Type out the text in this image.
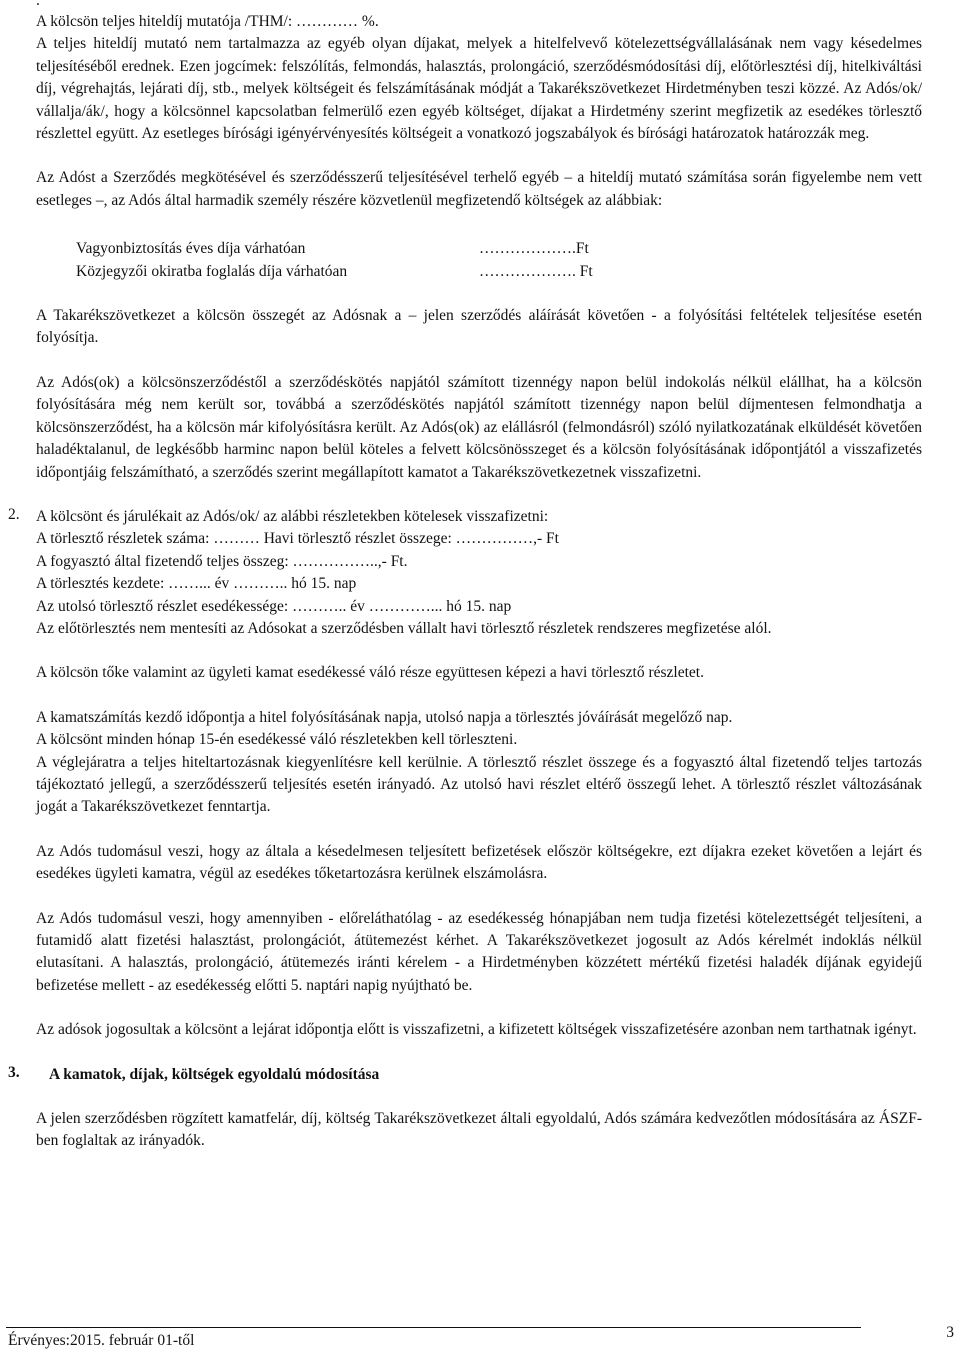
.

A kölcsön teljes hiteldíj mutatója /THM/: ………… %.

A teljes hiteldíj mutató nem tartalmazza az egyéb olyan díjakat, melyek a hitelfelvevő kötelezettségvállalásának nem vagy késedelmes teljesítéséből erednek. Ezen jogcímek: felszólítás, felmondás, halasztás, prolongáció, szerződésmódosítási díj, előtörlesztési díj, hitelkiváltási díj, végrehajtás, lejárati díj, stb., melyek költségeit és felszámításának módját a Takarékszövetkezet Hirdetményben teszi közzé. Az Adós/ok/ vállalja/ák/, hogy a kölcsönnel kapcsolatban felmerülő ezen egyéb költséget, díjakat a Hirdetmény szerint megfizetik az esedékes törlesztő részlettel együtt. Az esetleges bírósági igényérvényesítés költségeit a vonatkozó jogszabályok és bírósági határozatok határozzák meg.

Az Adóst a Szerződés megkötésével és szerződésszerű teljesítésével terhelő egyéb – a hiteldíj mutató számítása során figyelembe nem vett esetleges –, az Adós által harmadik személy részére közvetlenül megfizetendő költségek az alábbiak:

Vagyonbiztosítás éves díja várhatóan	……………….Ft
Közjegyzői okiratba foglalás díja várhatóan	………………. Ft

A Takarékszövetkezet a kölcsön összegét az Adósnak a – jelen szerződés aláírását követően - a folyósítási feltételek teljesítése esetén folyósítja.

Az Adós(ok) a kölcsönszerződéstől a szerződéskötés napjától számított tizennégy napon belül indokolás nélkül elállhat, ha a kölcsön folyósítására még nem került sor, továbbá a szerződéskötés napjától számított tizennégy napon belül díjmentesen felmondhatja a kölcsönszerződést, ha a kölcsön már kifolyósításra került. Az Adós(ok) az elállásról (felmondásról) szóló nyilatkozatának elküldését követően haladéktalanul, de legkésőbb harminc napon belül köteles a felvett kölcsönösszeget és a kölcsön folyósításának időpontjától a visszafizetés időpontjáig felszámítható, a szerződés szerint megállapított kamatot a Takarékszövetkezetnek visszafizetni.

2. A kölcsönt és járulékait az Adós/ok/ az alábbi részletekben kötelesek visszafizetni:

A törlesztő részletek száma: ……… Havi törlesztő részlet összege: ……………,- Ft

A fogyasztó által fizetendő teljes összeg: ……………..,- Ft.

A törlesztés kezdete: ……... év ……….. hó 15. nap

Az utolsó törlesztő részlet esedékessége: ……….. év …………... hó 15. nap

Az előtörlesztés nem mentesíti az Adósokat a szerződésben vállalt havi törlesztő részletek rendszeres megfizetése alól.

A kölcsön tőke valamint az ügyleti kamat esedékessé váló része együttesen képezi a havi törlesztő részletet.

A kamatszámítás kezdő időpontja a hitel folyósításának napja, utolsó napja a törlesztés jóváírását megelőző nap.

A kölcsönt minden hónap 15-én esedékessé váló részletekben kell törleszteni.

A véglejáratra a teljes hiteltartozásnak kiegyenlítésre kell kerülnie. A törlesztő részlet összege és a fogyasztó által fizetendő teljes tartozás tájékoztató jellegű, a szerződésszerű teljesítés esetén irányadó. Az utolsó havi részlet eltérő összegű lehet. A törlesztő részlet változásának jogát a Takarékszövetkezet fenntartja.

Az Adós tudomásul veszi, hogy az általa a késedelmesen teljesített befizetések először költségekre, ezt díjakra ezeket követően a lejárt és esedékes ügyleti kamatra, végül az esedékes tőketartozásra kerülnek elszámolásra.

Az Adós tudomásul veszi, hogy amennyiben - előreláthatólag - az esedékesség hónapjában nem tudja fizetési kötelezettségét teljesíteni, a futamidő alatt fizetési halasztást, prolongációt, átütemezést kérhet. A Takarékszövetkezet jogosult az Adós kérelmét indoklás nélkül elutasítani. A halasztás, prolongáció, átütemezés iránti kérelem - a Hirdetményben közzétett mértékű fizetési haladék díjának egyidejű befizetése mellett - az esedékesség előtti 5. naptári napig nyújtható be.

Az adósok jogosultak a kölcsönt a lejárat időpontja előtt is visszafizetni, a kifizetett költségek visszafizetésére azonban nem tarthatnak igényt.

3.	A kamatok, díjak, költségek egyoldalú módosítása

A jelen szerződésben rögzített kamatfelár, díj, költség Takarékszövetkezet általi egyoldalú, Adós számára kedvezőtlen módosítására az ÁSZF-ben foglaltak az irányadók.

Érvényes:2015. február 01-től	3
